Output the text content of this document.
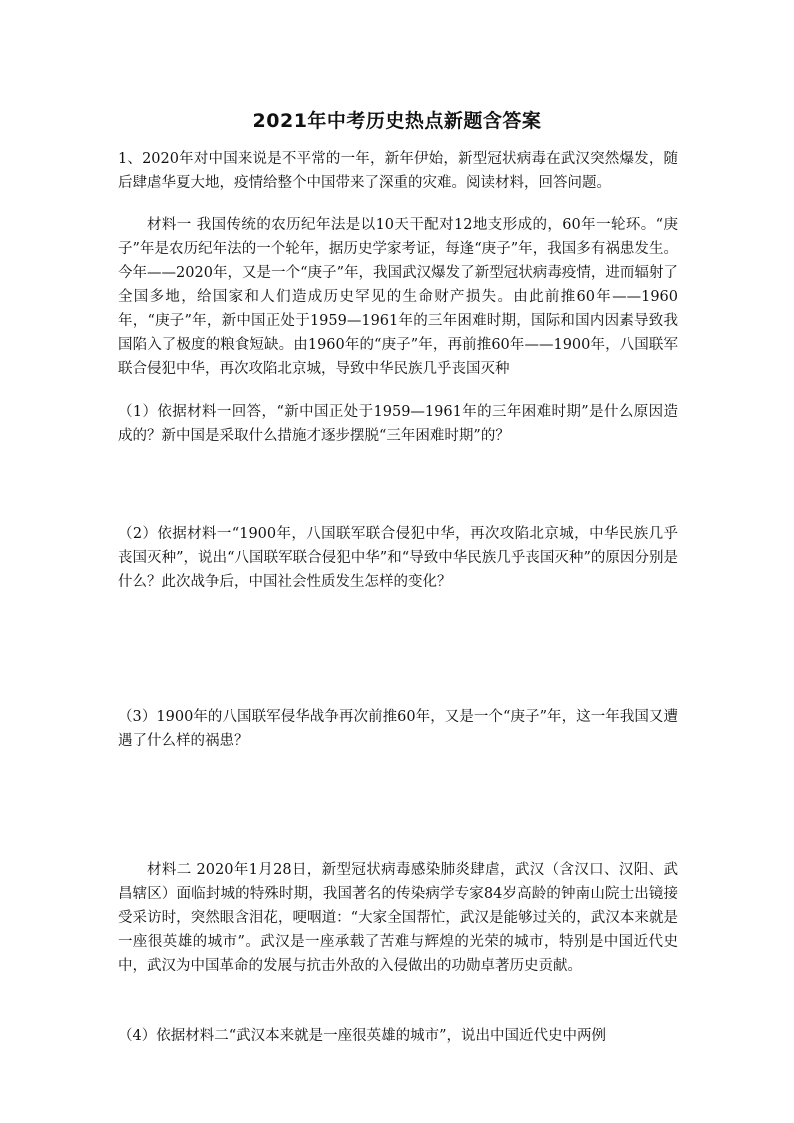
2021年中考历史热点新题含答案

1、2020年对中国来说是不平常的一年，新年伊始，新型冠状病毒在武汉突然爆发，随后肆虐华夏大地，疫情给整个中国带来了深重的灾难。阅读材料，回答问题。

材料一 我国传统的农历纪年法是以10天干配对12地支形成的，60年一轮环。“庚子”年是农历纪年法的一个轮年，据历史学家考证，每逢“庚子”年，我国多有祸患发生。今年——2020年，又是一个“庚子”年，我国武汉爆发了新型冠状病毒疫情，进而辐射了全国多地，给国家和人们造成历史罕见的生命财产损失。由此前推60年——1960年，“庚子”年，新中国正处于1959—1961年的三年困难时期，国际和国内因素导致我国陷入了极度的粮食短缺。由1960年的“庚子”年，再前推60年——1900年，八国联军联合侵犯中华，再次攻陷北京城，导致中华民族几乎丧国灭种

（1）依据材料一回答，“新中国正处于1959—1961年的三年困难时期”是什么原因造成的？新中国是采取什么措施才逐步摆脱“三年困难时期”的？

（2）依据材料一“1900年，八国联军联合侵犯中华，再次攻陷北京城，中华民族几乎丧国灭种”，说出“八国联军联合侵犯中华”和“导致中华民族几乎丧国灭种”的原因分别是什么？此次战争后，中国社会性质发生怎样的变化？

（3）1900年的八国联军侵华战争再次前推60年，又是一个“庚子”年，这一年我国又遭遇了什么样的祸患？

材料二 2020年1月28日，新型冠状病毒感染肺炎肆虐，武汉（含汉口、汉阳、武昌辖区）面临封城的特殊时期，我国著名的传染病学专家84岁高龄的钟南山院士出镜接受采访时，突然眼含泪花，哽咽道：“大家全国帮忙，武汉是能够过关的，武汉本来就是一座很英雄的城市”。武汉是一座承载了苦难与辉煌的光荣的城市，特别是中国近代史中，武汉为中国革命的发展与抗击外敌的入侵做出的功勋卓著历史贡献。

（4）依据材料二“武汉本来就是一座很英雄的城市”，说出中国近代史中两例
